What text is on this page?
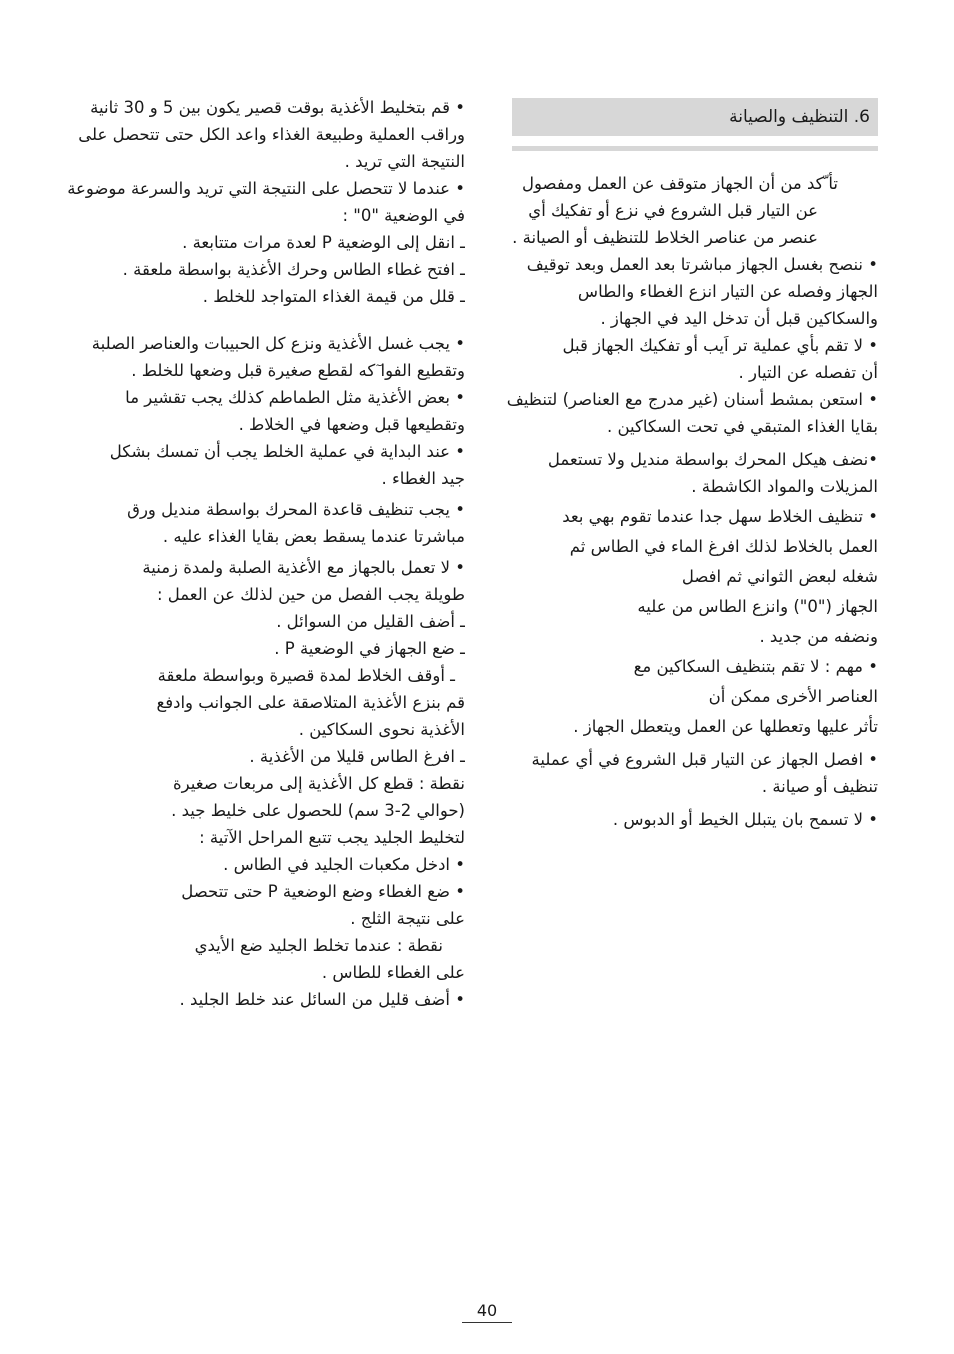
6. التنظيف والصيانة
تأ ّكد من أن الجهاز متوقف عن العمل ومفصول
عن التيار قبل الشروع في نزع أو تفكيك أي
عنصر من عناصر الخلاط للتنظيف أو الصيانة .
• ننصح بغسل الجهاز مباشرتا بعد العمل وبعد توقيف
الجهاز وفصله عن التيار انزع الغطاء والطاس
والسكاكين قبل أن تدخل اليد في الجهاز .
• لا تقم بأي عملية تر اَيب أو تفكيك الجهاز قبل
أن تفصله عن التيار .
• استعن بمشط أسنان (غير مدرج مع العناصر) لتنظيف
بقايا الغذاء المتبقي في تحت السكاكين .
•نضف هيكل المحرك بواسطة منديل ولا تستعمل
المزيلات والمواد الكاشطة .
• تنظيف الخلاط سهل جدا عندما تقوم بهي بعد
العمل بالخلاط لذلك افرغ الماء في الطاس ثم
شغله لبعض الثواني ثم افصل
الجهاز ("0") وانزع الطاس من عليه
ونضفه من جديد .
• مهم : لا تقم بتنظيف السكاكين مع
العناصر الأخرى ممكن أن
تأثر عليها وتعطلها عن العمل ويتعطل الجهاز .
• افصل الجهاز عن التيار قبل الشروع في أي عملية
تنظيف أو صيانة .
• لا تسمح بان يتبلل الخيط أو الدبوس .
• قم بتخليط الأغذية بوقت قصير يكون بين 5 و 30 ثانية
وراقب العملية وطبيعة الغذاء واعد الكل حتى تتحصل على
النتيجة التي تريد .
• عندما لا تتحصل على النتيجة التي تريد والسرعة موضوعة
في الوضعية "0" :
ـ انقل إلى الوضعية P لعدة مرات متتابعة .
ـ افتح غطاء الطاس وحرك الأغذية بواسطة ملعقة .
ـ قلل من قيمة الغذاء المتواجد للخلط .
• يجب غسل الأغذية ونزع كل الحبيبات والعناصر الصلبة
وتقطيع الفوا ٓكه لقطع صغيرة قبل وضعها للخلط .
• بعض الأغذية مثل الطماطم كذلك يجب تقشير ما
وتقطيعها قبل وضعها في الخلاط .
• عند البداية في عملية الخلط يجب أن تمسك بشكل
جيد الغطاء .
• يجب تنظيف قاعدة المحرك بواسطة منديل ورق
مباشرتا عندما يسقط بعض بقايا الغذاء عليه .
• لا تعمل بالجهاز مع الأغذية الصلبة ولمدة زمنية
طويلة يجب الفصل من حين لذلك عن العمل :
ـ أضف القليل من السوائل .
ـ ضع الجهاز في الوضعية P .
ـ أوقف الخلاط لمدة قصيرة وبواسطة ملعقة
قم بنزع الأغذية المتلاصقة على الجوانب وادفع
الأغذية نحوى السكاكين .
ـ افرغ الطاس قليلا من الأغذية .
نقطة : قطع كل الأغذية إلى مربعات صغيرة
(حوالي 2-3 سم) للحصول على خليط جيد .
لتخليط الجليد يجب تتبع المراحل الآتية :
• ادخل مكعبات الجليد في الطاس .
• ضع الغطاء وضع الوضعية P حتى تتحصل
على نتيجة الثلج .
نقطة : عندما تخلط الجليد ضع الأيدي
على الغطاء للطاس .
• أضف قليل من السائل عند خلط الجليد .
40
